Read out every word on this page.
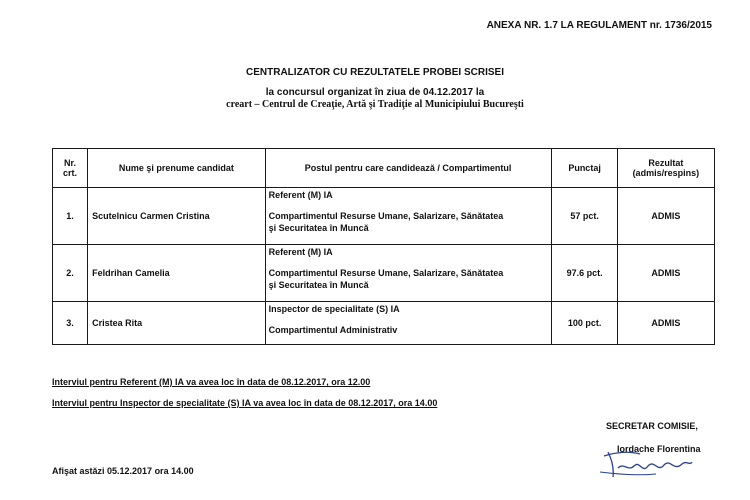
ANEXA NR. 1.7 LA REGULAMENT nr. 1736/2015
CENTRALIZATOR CU REZULTATELE PROBEI SCRISEI
la concursul organizat în ziua de 04.12.2017 la
creart – Centrul de Creaţie, Artă şi Tradiţie al Municipiului Bucureşti
Nr.
crt.	Nume şi prenume candidat	Postul pentru care candidează / Compartimentul	Punctaj	Rezultat
(admis/respins)
1.	Scutelnicu Carmen Cristina	Referent (M) IA
Compartimentul Resurse Umane, Salarizare, Sănătatea
şi Securitatea în Muncă	57 pct.	ADMIS
2.	Feldrihan Camelia	Referent (M) IA
Compartimentul Resurse Umane, Salarizare, Sănătatea
şi Securitatea în Muncă	97.6 pct.	ADMIS
3.	Cristea Rita	Inspector de specialitate (S) IA
Compartimentul Administrativ	100 pct.	ADMIS
Interviul pentru Referent (M) IA va avea loc în data de 08.12.2017, ora 12.00
Interviul pentru Inspector de specialitate (S) IA va avea loc în data de 08.12.2017, ora 14.00
SECRETAR COMISIE,
Iordache Florentina
Afişat astăzi 05.12.2017 ora 14.00
